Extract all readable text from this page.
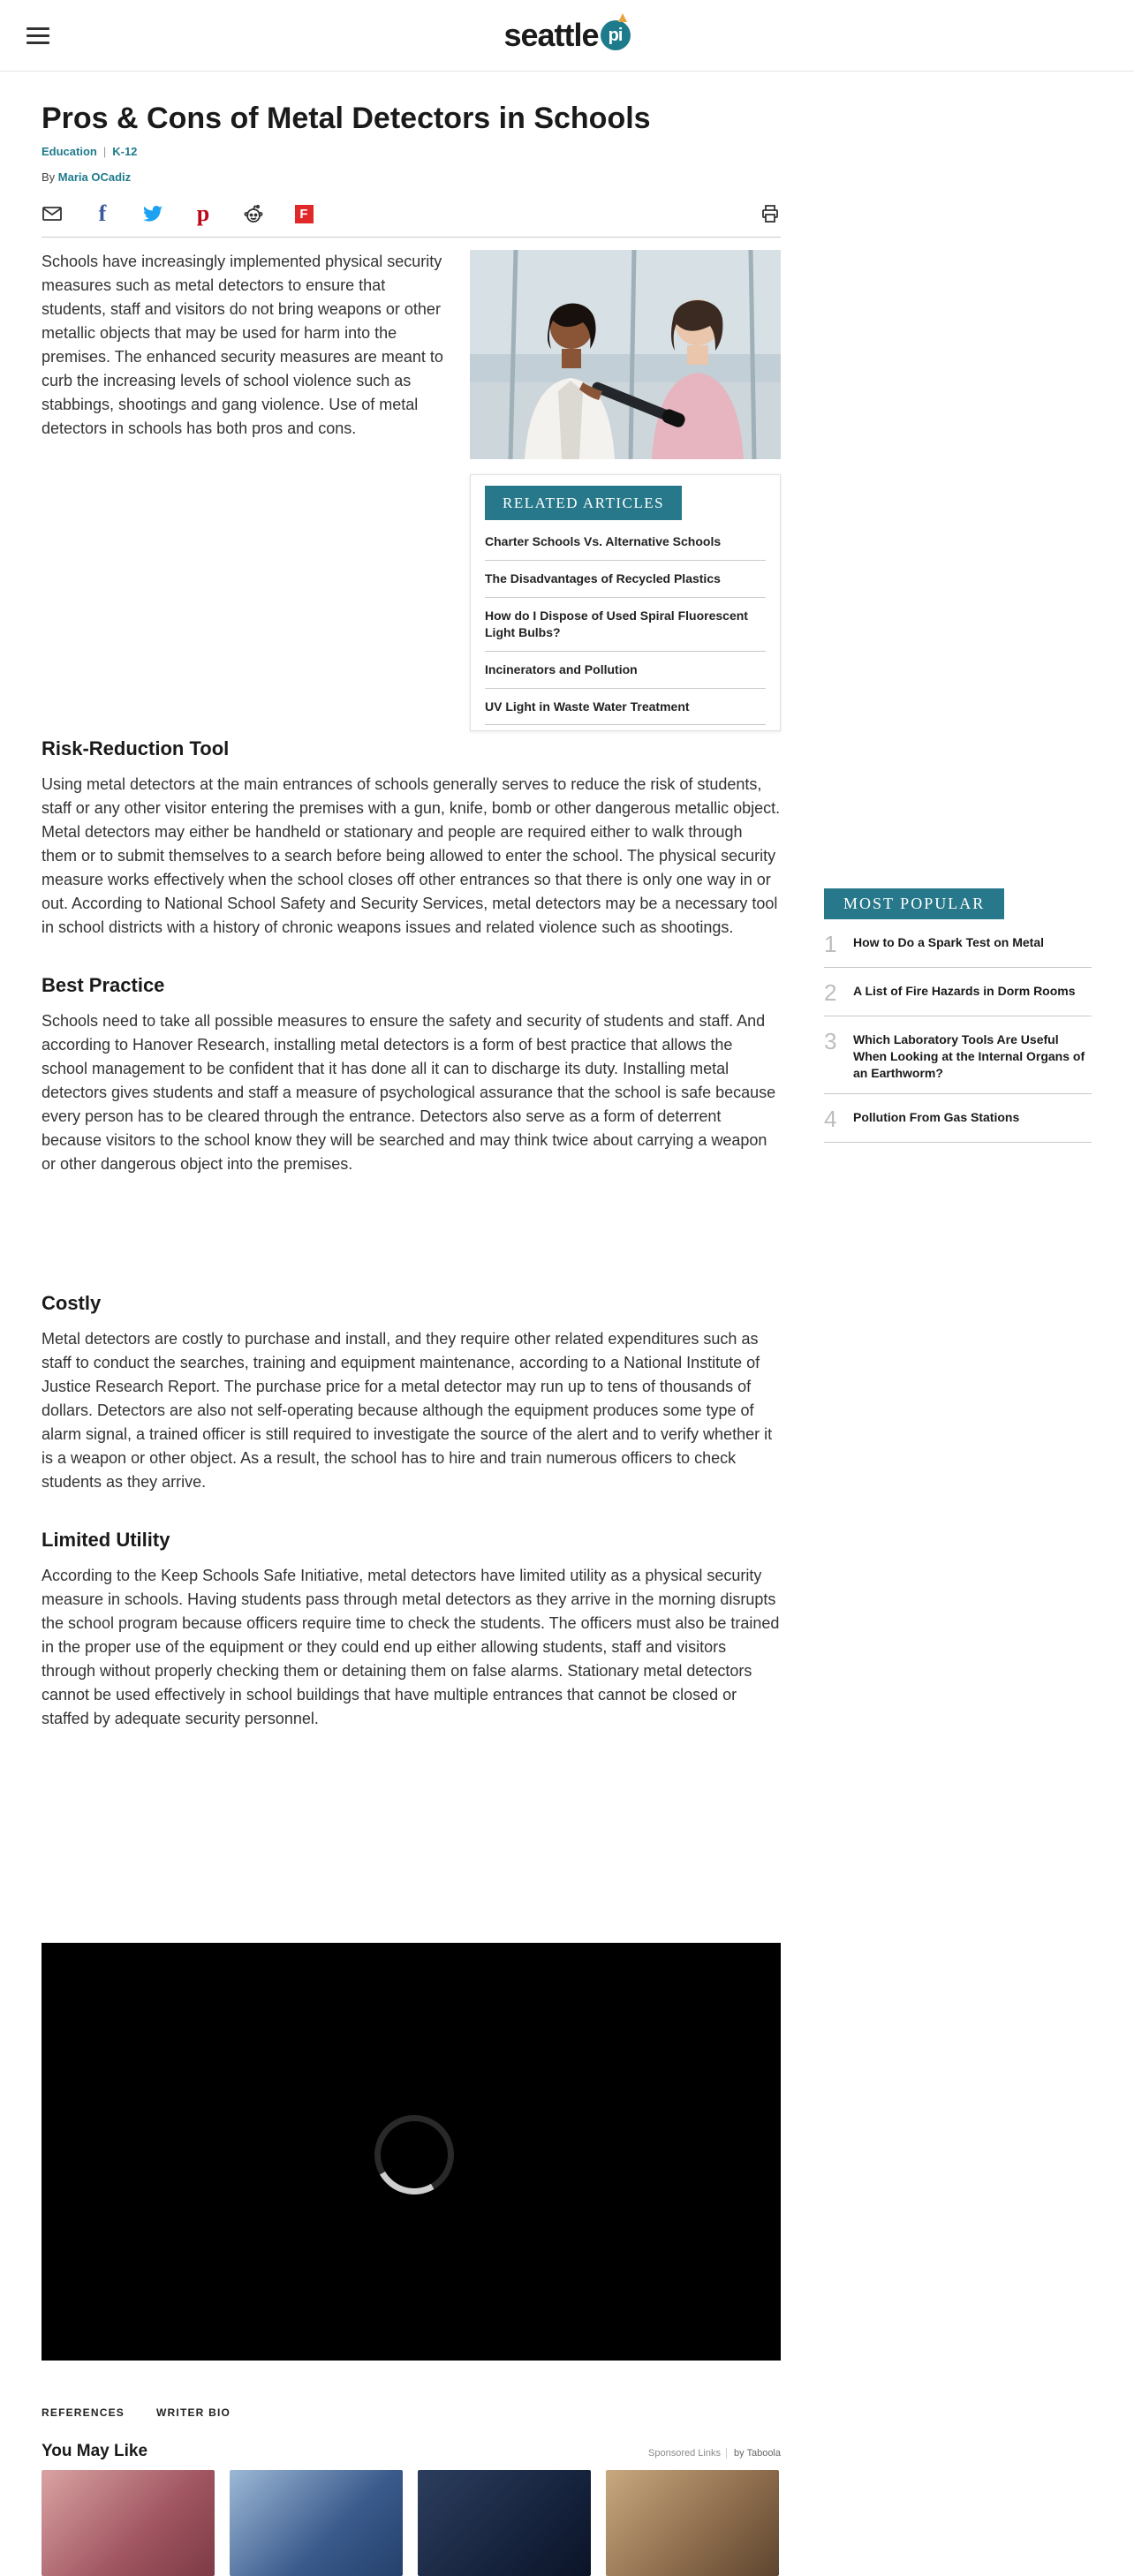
seattle pi
Pros & Cons of Metal Detectors in Schools
Education | K-12
By Maria OCadiz
f	p	F
RELATED ARTICLES
Charter Schools Vs. Alternative Schools
The Disadvantages of Recycled Plastics
How do I Dispose of Used Spiral Fluorescent Light Bulbs?
Incinerators and Pollution
UV Light in Waste Water Treatment

Schools have increasingly implemented physical security measures such as metal detectors to ensure that students, staff and visitors do not bring weapons or other metallic objects that may be used for harm into the premises. The enhanced security measures are meant to curb the increasing levels of school violence such as stabbings, shootings and gang violence. Use of metal detectors in schools has both pros and cons.

Risk-Reduction Tool

Using metal detectors at the main entrances of schools generally serves to reduce the risk of students, staff or any other visitor entering the premises with a gun, knife, bomb or other dangerous metallic object. Metal detectors may either be handheld or stationary and people are required either to walk through them or to submit themselves to a search before being allowed to enter the school. The physical security measure works effectively when the school closes off other entrances so that there is only one way in or out. According to National School Safety and Security Services, metal detectors may be a necessary tool in school districts with a history of chronic weapons issues and related violence such as shootings.

Best Practice

Schools need to take all possible measures to ensure the safety and security of students and staff. And according to Hanover Research, installing metal detectors is a form of best practice that allows the school management to be confident that it has done all it can to discharge its duty. Installing metal detectors gives students and staff a measure of psychological assurance that the school is safe because every person has to be cleared through the entrance. Detectors also serve as a form of deterrent because visitors to the school know they will be searched and may think twice about carrying a weapon or other dangerous object into the premises.

Costly

Metal detectors are costly to purchase and install, and they require other related expenditures such as staff to conduct the searches, training and equipment maintenance, according to a National Institute of Justice Research Report. The purchase price for a metal detector may run up to tens of thousands of dollars. Detectors are also not self-operating because although the equipment produces some type of alarm signal, a trained officer is still required to investigate the source of the alert and to verify whether it is a weapon or other object. As a result, the school has to hire and train numerous officers to check students as they arrive.

Limited Utility

According to the Keep Schools Safe Initiative, metal detectors have limited utility as a physical security measure in schools. Having students pass through metal detectors as they arrive in the morning disrupts the school program because officers require time to check the students. The officers must also be trained in the proper use of the equipment or they could end up either allowing students, staff and visitors through without properly checking them or detaining them on false alarms. Stationary metal detectors cannot be used effectively in school buildings that have multiple entrances that cannot be closed or staffed by adequate security personnel.

REFERENCES	WRITER BIO
You May Like	Sponsored Links by Taboola
MOST POPULAR
1 How to Do a Spark Test on Metal
2 A List of Fire Hazards in Dorm Rooms
3 Which Laboratory Tools Are Useful When Looking at the Internal Organs of an Earthworm?
4 Pollution From Gas Stations
